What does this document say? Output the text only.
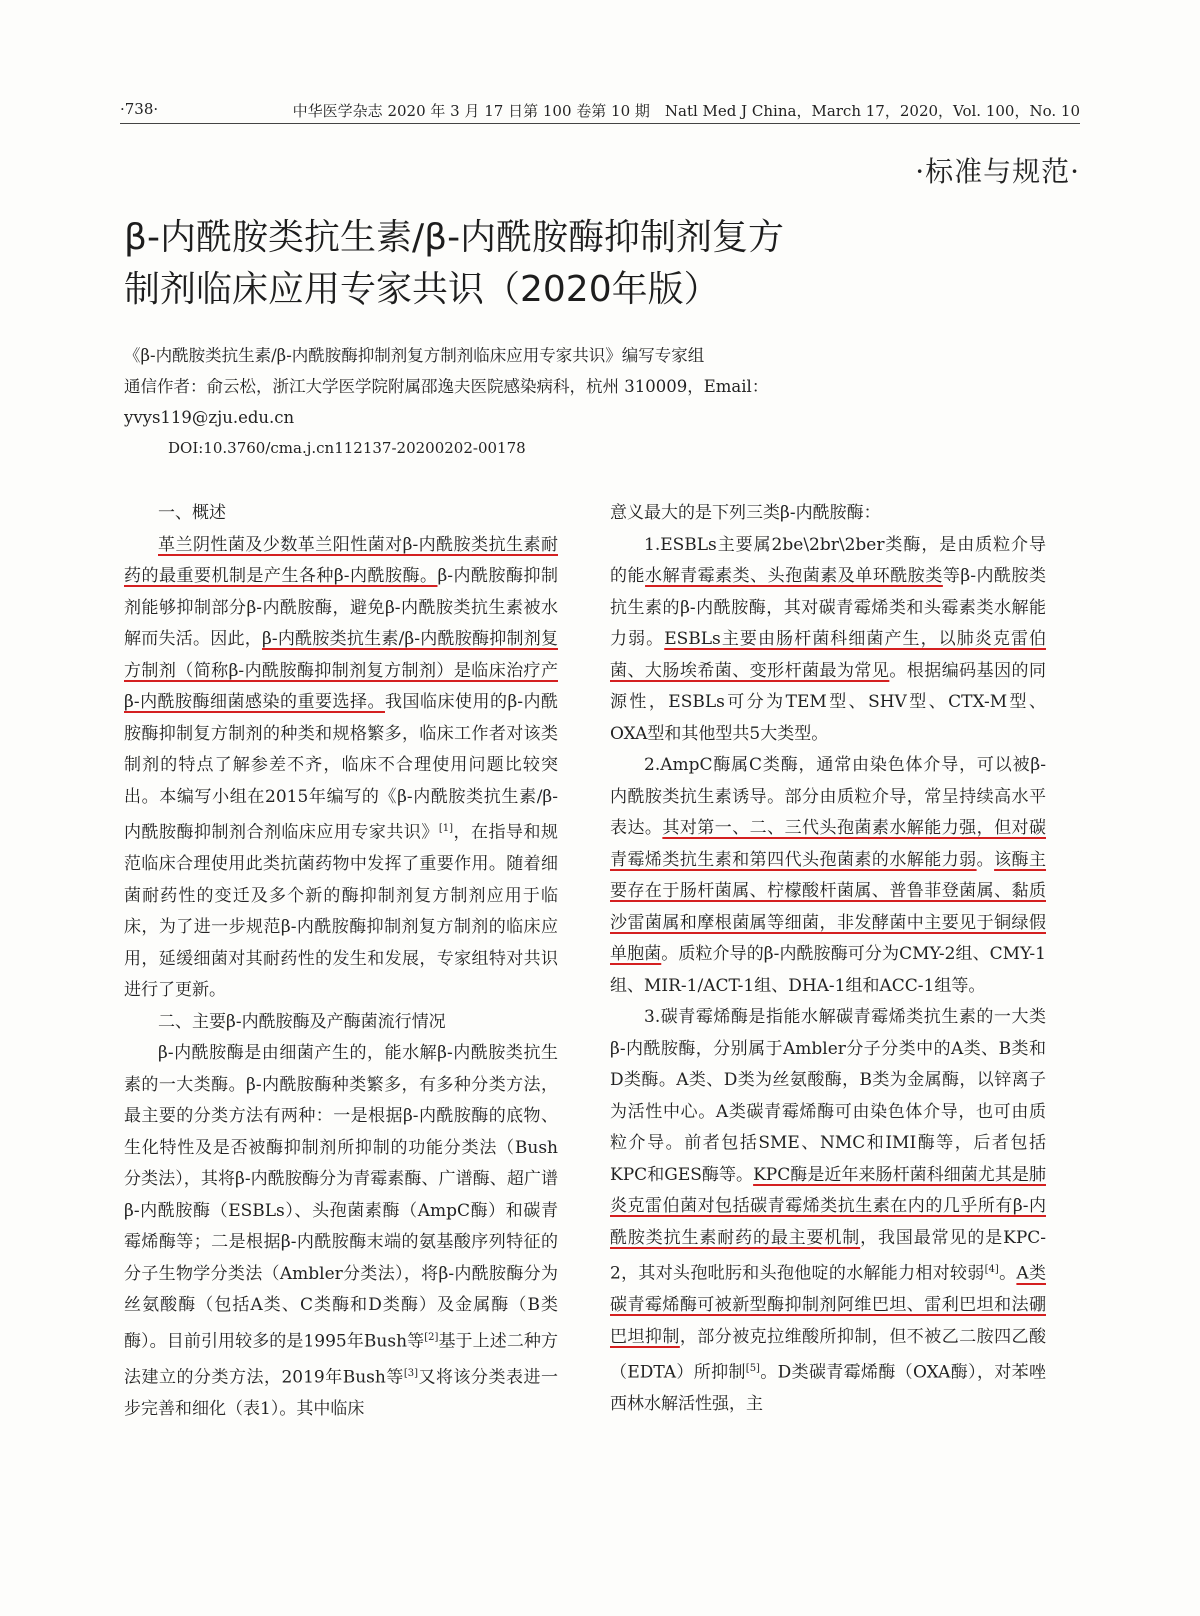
·738·	中华医学杂志 2020 年 3 月 17 日第 100 卷第 10 期　Natl Med J China，March 17，2020，Vol. 100，No. 10
·标准与规范·
β-内酰胺类抗生素/β-内酰胺酶抑制剂复方
制剂临床应用专家共识（2020年版）
《β-内酰胺类抗生素/β-内酰胺酶抑制剂复方制剂临床应用专家共识》编写专家组
通信作者：俞云松，浙江大学医学院附属邵逸夫医院感染病科，杭州 310009，Email：
yvys119@zju.edu.cn
DOI:10.3760/cma.j.cn112137-20200202-00178

一、概述

革兰阴性菌及少数革兰阳性菌对β-内酰胺类抗生素耐药的最重要机制是产生各种β-内酰胺酶。β-内酰胺酶抑制剂能够抑制部分β-内酰胺酶，避免β-内酰胺类抗生素被水解而失活。因此，β-内酰胺类抗生素/β-内酰胺酶抑制剂复方制剂（简称β-内酰胺酶抑制剂复方制剂）是临床治疗产β-内酰胺酶细菌感染的重要选择。我国临床使用的β-内酰胺酶抑制复方制剂的种类和规格繁多，临床工作者对该类制剂的特点了解参差不齐，临床不合理使用问题比较突出。本编写小组在2015年编写的《β-内酰胺类抗生素/β-内酰胺酶抑制剂合剂临床应用专家共识》[1]，在指导和规范临床合理使用此类抗菌药物中发挥了重要作用。随着细菌耐药性的变迁及多个新的酶抑制剂复方制剂应用于临床，为了进一步规范β-内酰胺酶抑制剂复方制剂的临床应用，延缓细菌对其耐药性的发生和发展，专家组特对共识进行了更新。

二、主要β-内酰胺酶及产酶菌流行情况

β-内酰胺酶是由细菌产生的，能水解β-内酰胺类抗生素的一大类酶。β-内酰胺酶种类繁多，有多种分类方法，最主要的分类方法有两种：一是根据β-内酰胺酶的底物、生化特性及是否被酶抑制剂所抑制的功能分类法（Bush分类法），其将β-内酰胺酶分为青霉素酶、广谱酶、超广谱β-内酰胺酶（ESBLs）、头孢菌素酶（AmpC酶）和碳青霉烯酶等；二是根据β-内酰胺酶末端的氨基酸序列特征的分子生物学分类法（Ambler分类法），将β-内酰胺酶分为丝氨酸酶（包括A类、C类酶和D类酶）及金属酶（B类酶）。目前引用较多的是1995年Bush等[2]基于上述二种方法建立的分类方法，2019年Bush等[3]又将该分类表进一步完善和细化（表1）。其中临床

意义最大的是下列三类β-内酰胺酶：

1.ESBLs主要属2be\2br\2ber类酶，是由质粒介导的能水解青霉素类、头孢菌素及单环酰胺类等β-内酰胺类抗生素的β-内酰胺酶，其对碳青霉烯类和头霉素类水解能力弱。ESBLs主要由肠杆菌科细菌产生，以肺炎克雷伯菌、大肠埃希菌、变形杆菌最为常见。根据编码基因的同源性，ESBLs可分为TEM型、SHV型、CTX-M型、OXA型和其他型共5大类型。

2.AmpC酶属C类酶，通常由染色体介导，可以被β-内酰胺类抗生素诱导。部分由质粒介导，常呈持续高水平表达。其对第一、二、三代头孢菌素水解能力强，但对碳青霉烯类抗生素和第四代头孢菌素的水解能力弱。该酶主要存在于肠杆菌属、柠檬酸杆菌属、普鲁菲登菌属、黏质沙雷菌属和摩根菌属等细菌，非发酵菌中主要见于铜绿假单胞菌。质粒介导的β-内酰胺酶可分为CMY-2组、CMY-1组、MIR-1/ACT-1组、DHA-1组和ACC-1组等。

3.碳青霉烯酶是指能水解碳青霉烯类抗生素的一大类β-内酰胺酶，分别属于Ambler分子分类中的A类、B类和D类酶。A类、D类为丝氨酸酶，B类为金属酶，以锌离子为活性中心。A类碳青霉烯酶可由染色体介导，也可由质粒介导。前者包括SME、NMC和IMI酶等，后者包括KPC和GES酶等。KPC酶是近年来肠杆菌科细菌尤其是肺炎克雷伯菌对包括碳青霉烯类抗生素在内的几乎所有β-内酰胺类抗生素耐药的最主要机制，我国最常见的是KPC-2，其对头孢吡肟和头孢他啶的水解能力相对较弱[4]。A类碳青霉烯酶可被新型酶抑制剂阿维巴坦、雷利巴坦和法硼巴坦抑制，部分被克拉维酸所抑制，但不被乙二胺四乙酸（EDTA）所抑制[5]。D类碳青霉烯酶（OXA酶），对苯唑西林水解活性强，主
